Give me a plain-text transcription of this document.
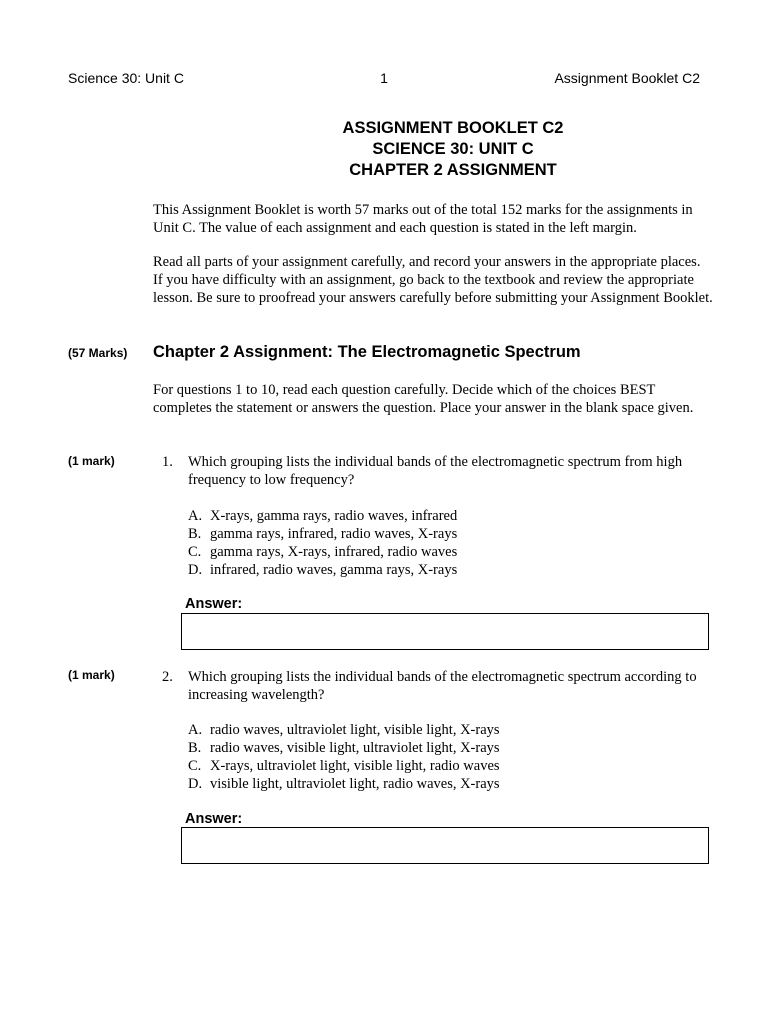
Science 30: Unit C	1	Assignment Booklet C2
ASSIGNMENT BOOKLET C2
SCIENCE 30: UNIT C
CHAPTER 2 ASSIGNMENT
This Assignment Booklet is worth 57 marks out of the total 152 marks for the assignments in Unit C. The value of each assignment and each question is stated in the left margin.
Read all parts of your assignment carefully, and record your answers in the appropriate places. If you have difficulty with an assignment, go back to the textbook and review the appropriate lesson. Be sure to proofread your answers carefully before submitting your Assignment Booklet.
(57 Marks) Chapter 2 Assignment: The Electromagnetic Spectrum
For questions 1 to 10, read each question carefully. Decide which of the choices BEST completes the statement or answers the question. Place your answer in the blank space given.
(1 mark)	1. Which grouping lists the individual bands of the electromagnetic spectrum from high frequency to low frequency?
A. X-rays, gamma rays, radio waves, infrared
B. gamma rays, infrared, radio waves, X-rays
C. gamma rays, X-rays, infrared, radio waves
D. infrared, radio waves, gamma rays, X-rays
Answer:
(1 mark)	2. Which grouping lists the individual bands of the electromagnetic spectrum according to increasing wavelength?
A. radio waves, ultraviolet light, visible light, X-rays
B. radio waves, visible light, ultraviolet light, X-rays
C. X-rays, ultraviolet light, visible light, radio waves
D. visible light, ultraviolet light, radio waves, X-rays
Answer:
